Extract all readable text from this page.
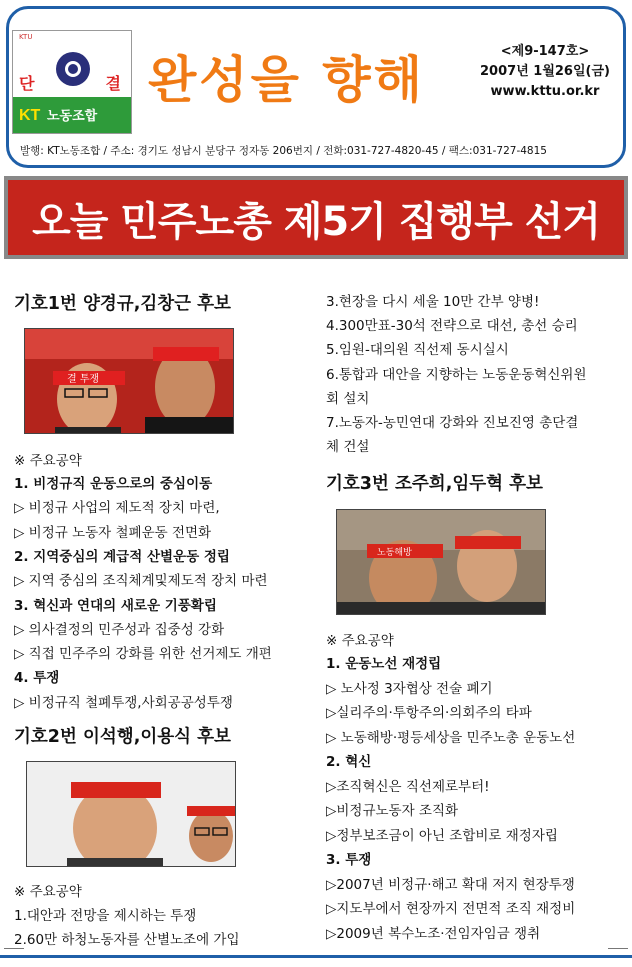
KTU
단	결
KT 노동조합
완성을 향해	<제9-147호>
2007년 1월26일(금)
www.kttu.or.kr
발행: KT노동조합 / 주소: 경기도 성남시 분당구 정자동 206번지 / 전화:031-727-4820-45 / 팩스:031-727-4815
오늘 민주노총 제5기 집행부 선거
기호1번 양경규,김창근 후보
결 투쟁
※ 주요공약
1. 비정규직 운동으로의 중심이동
▷ 비정규 사업의 제도적 장치 마련,
▷ 비정규 노동자 철폐운동 전면화
2. 지역중심의 계급적 산별운동 정립
▷ 지역 중심의 조직체계및제도적 장치 마련
3. 혁신과 연대의 새로운 기풍확립
▷ 의사결정의 민주성과 집중성 강화
▷ 직접 민주주의 강화를 위한 선거제도 개편
4. 투쟁
▷ 비정규직 철폐투쟁,사회공공성투쟁
기호2번 이석행,이용식 후보
※ 주요공약
1.대안과 전망을 제시하는 투쟁
2.60만 하청노동자를 산별노조에 가입
3.현장을 다시 세울 10만 간부 양병!
4.300만표-30석 전략으로 대선, 총선 승리
5.임원-대의원 직선제 동시실시
6.통합과 대안을 지향하는 노동운동혁신위원
회 설치
7.노동자-농민연대 강화와 진보진영 총단결
체 건설
기호3번 조주희,임두혁 후보
노동해방
※ 주요공약
1. 운동노선 재정립
▷ 노사정 3자협상 전술 폐기
▷실리주의·투항주의·의회주의 타파
▷ 노동해방·평등세상을 민주노총 운동노선
2. 혁신
▷조직혁신은 직선제로부터!
▷비정규노동자 조직화
▷정부보조금이 아닌 조합비로 재정자립
3. 투쟁
▷2007년 비정규·해고 확대 저지 현장투쟁
▷지도부에서 현장까지 전면적 조직 재정비
▷2009년 복수노조·전임자임금 쟁취
